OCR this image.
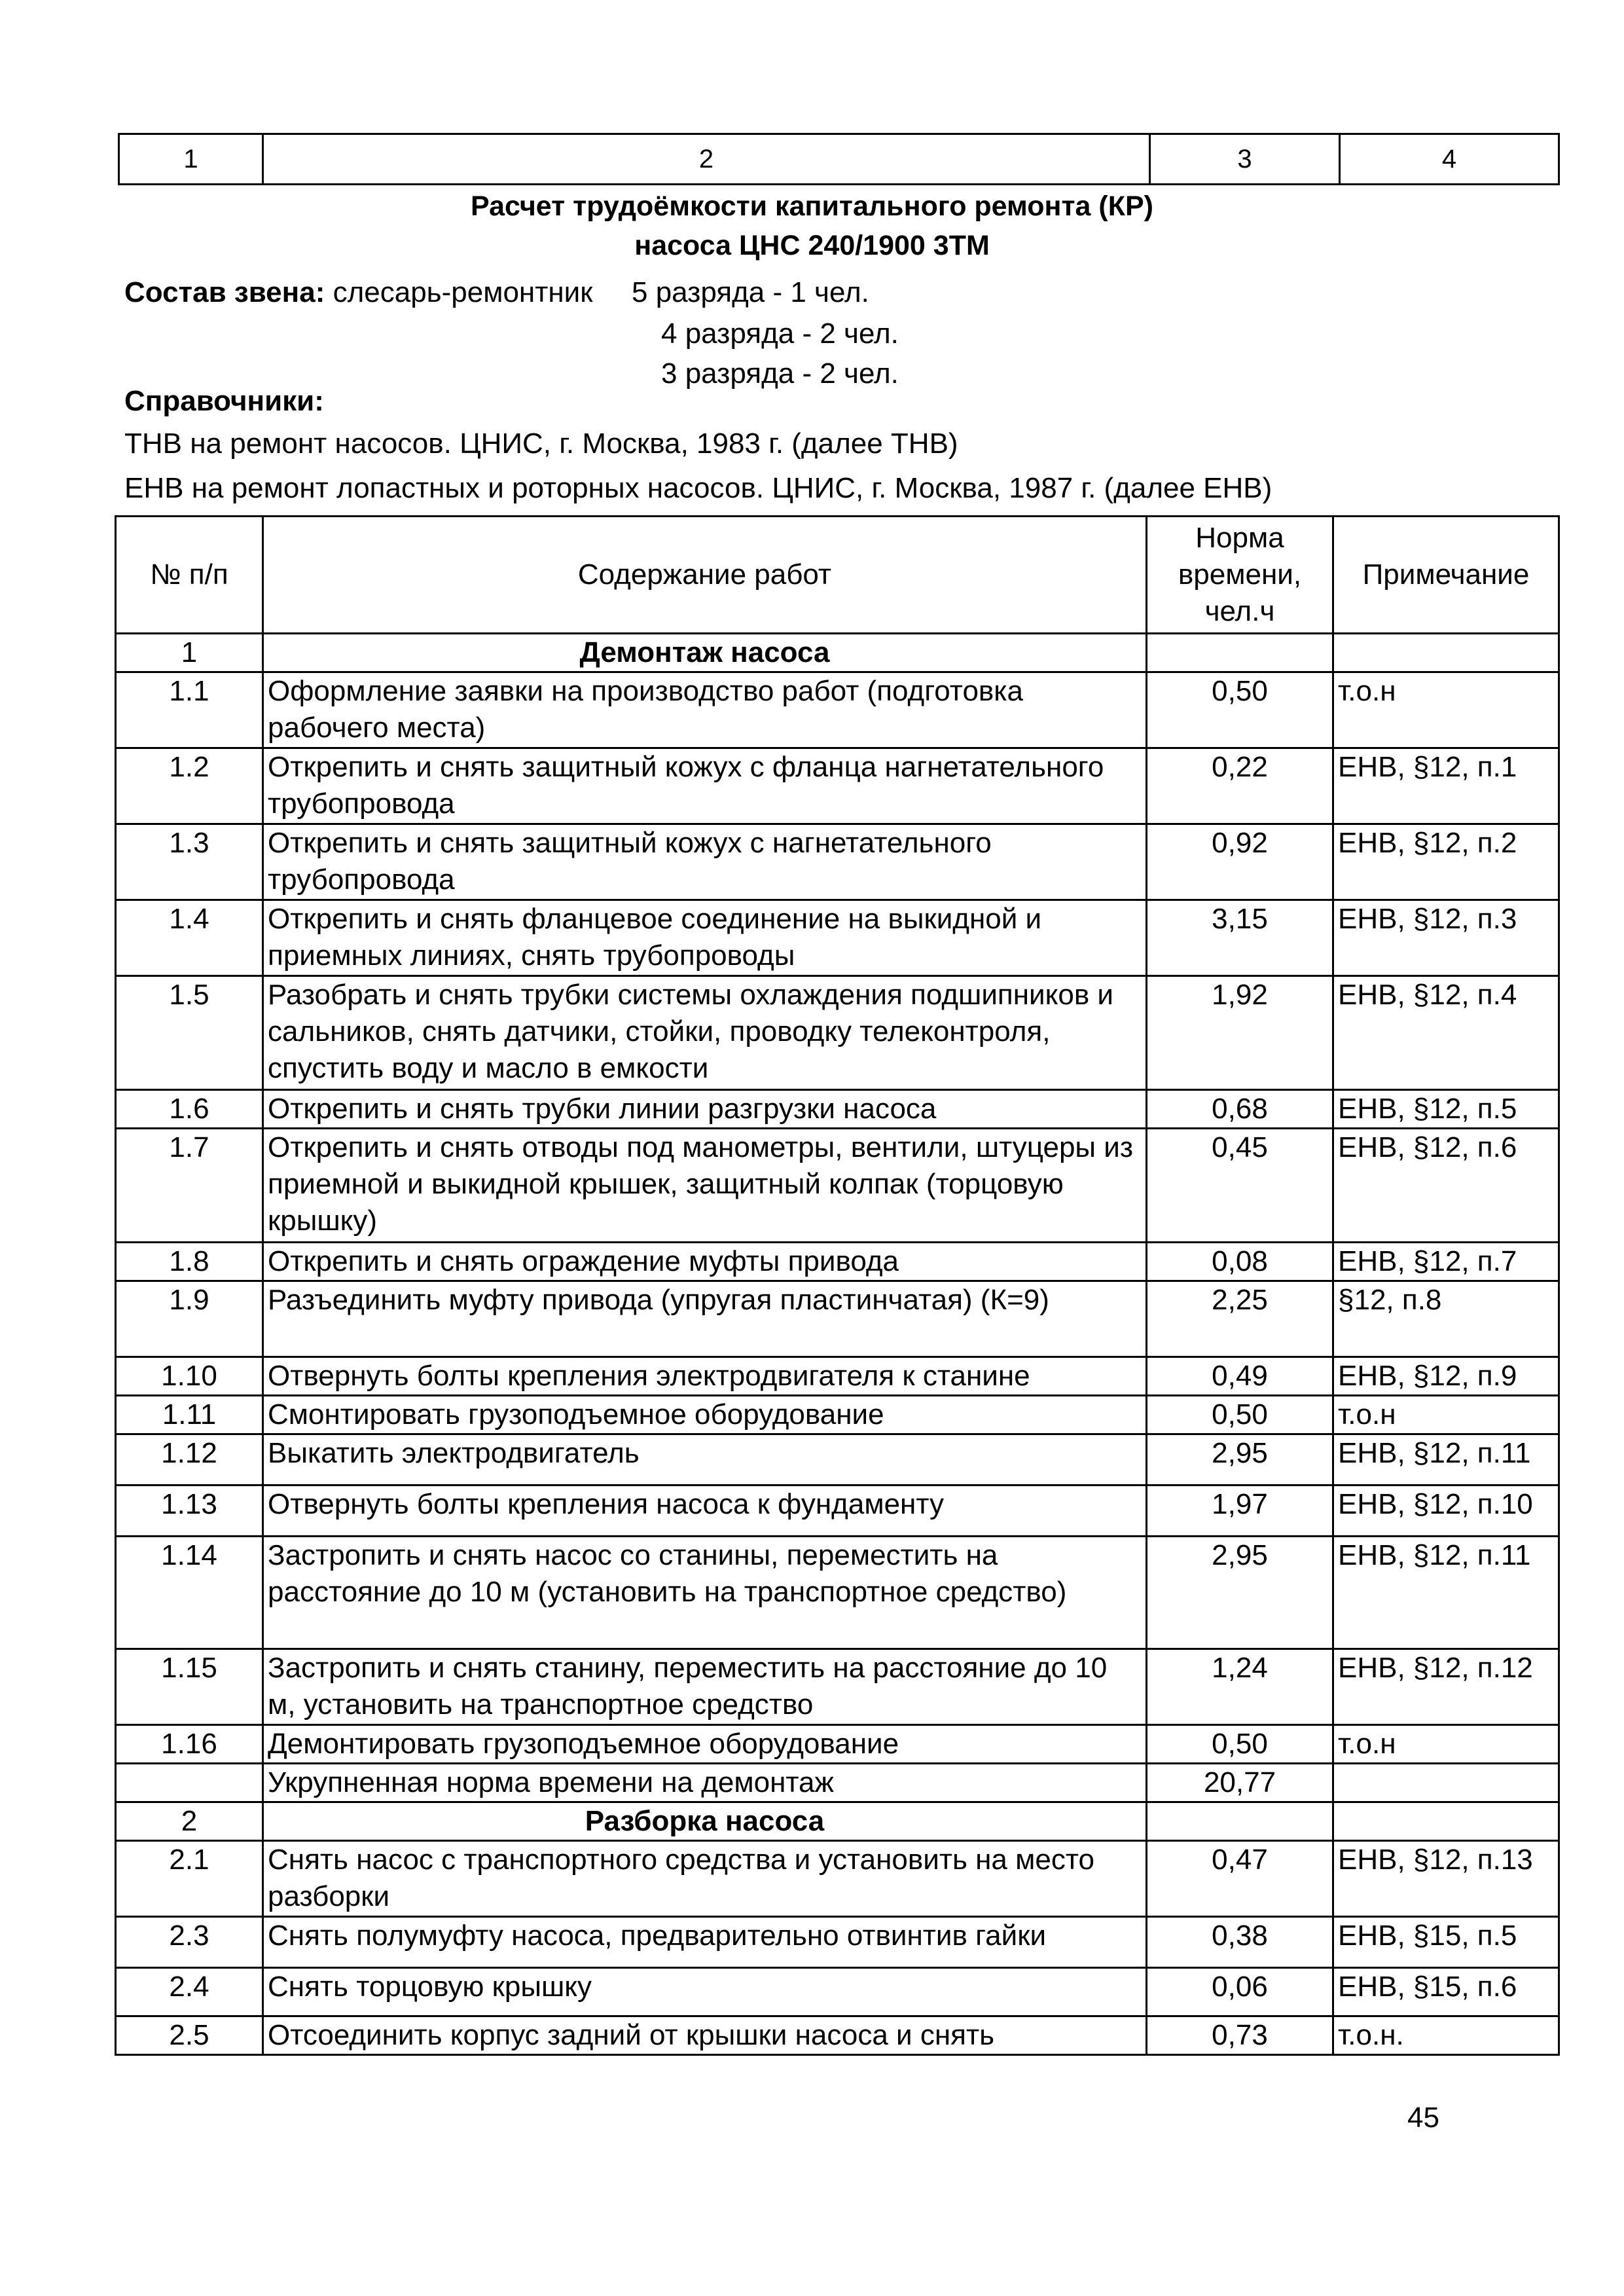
1	2	3	4
Расчет трудоёмкости капитального ремонта (КР)
насоса ЦНС 240/1900 3ТМ
Состав звена: слесарь-ремонтник 5 разряда - 1 чел.
4 разряда - 2 чел.
3 разряда - 2 чел.
Справочники:
ТНВ на ремонт насосов. ЦНИС, г. Москва, 1983 г. (далее ТНВ)
ЕНВ на ремонт лопастных и роторных насосов. ЦНИС, г. Москва, 1987 г. (далее ЕНВ)
№ п/п	Содержание работ	Норма
времени,
чел.ч	Примечание
1	Демонтаж насоса		
1.1	Оформление заявки на производство работ (подготовка рабочего места)	0,50	т.о.н
1.2	Открепить и снять защитный кожух с фланца нагнетательного трубопровода	0,22	ЕНВ, §12, п.1
1.3	Открепить и снять защитный кожух с нагнетательного трубопровода	0,92	ЕНВ, §12, п.2
1.4	Открепить и снять фланцевое соединение на выкидной и приемных линиях, снять трубопроводы	3,15	ЕНВ, §12, п.3
1.5	Разобрать и снять трубки системы охлаждения подшипников и сальников, снять датчики, стойки, проводку телеконтроля, спустить воду и масло в емкости	1,92	ЕНВ, §12, п.4
1.6	Открепить и снять трубки линии разгрузки насоса	0,68	ЕНВ, §12, п.5
1.7	Открепить и снять отводы под манометры, вентили, штуцеры из приемной и выкидной крышек, защитный колпак (торцовую крышку)	0,45	ЕНВ, §12, п.6
1.8	Открепить и снять ограждение муфты привода	0,08	ЕНВ, §12, п.7
1.9	Разъединить муфту привода (упругая пластинчатая) (К=9)	2,25	§12, п.8
1.10	Отвернуть болты крепления электродвигателя к станине	0,49	ЕНВ, §12, п.9
1.11	Смонтировать грузоподъемное оборудование	0,50	т.о.н
1.12	Выкатить электродвигатель	2,95	ЕНВ, §12, п.11
1.13	Отвернуть болты крепления насоса к фундаменту	1,97	ЕНВ, §12, п.10
1.14	Застропить и снять насос со станины, переместить на расстояние до 10 м (установить на транспортное средство)	2,95	ЕНВ, §12, п.11
1.15	Застропить и снять станину, переместить на расстояние до 10 м, установить на транспортное средство	1,24	ЕНВ, §12, п.12
1.16	Демонтировать грузоподъемное оборудование	0,50	т.о.н
	Укрупненная норма времени на демонтаж	20,77	
2	Разборка насоса		
2.1	Снять насос с транспортного средства и установить на место разборки	0,47	ЕНВ, §12, п.13
2.3	Снять полумуфту насоса, предварительно отвинтив гайки	0,38	ЕНВ, §15, п.5
2.4	Снять торцовую крышку	0,06	ЕНВ, §15, п.6
2.5	Отсоединить корпус задний от крышки насоса и снять	0,73	т.о.н.
45
